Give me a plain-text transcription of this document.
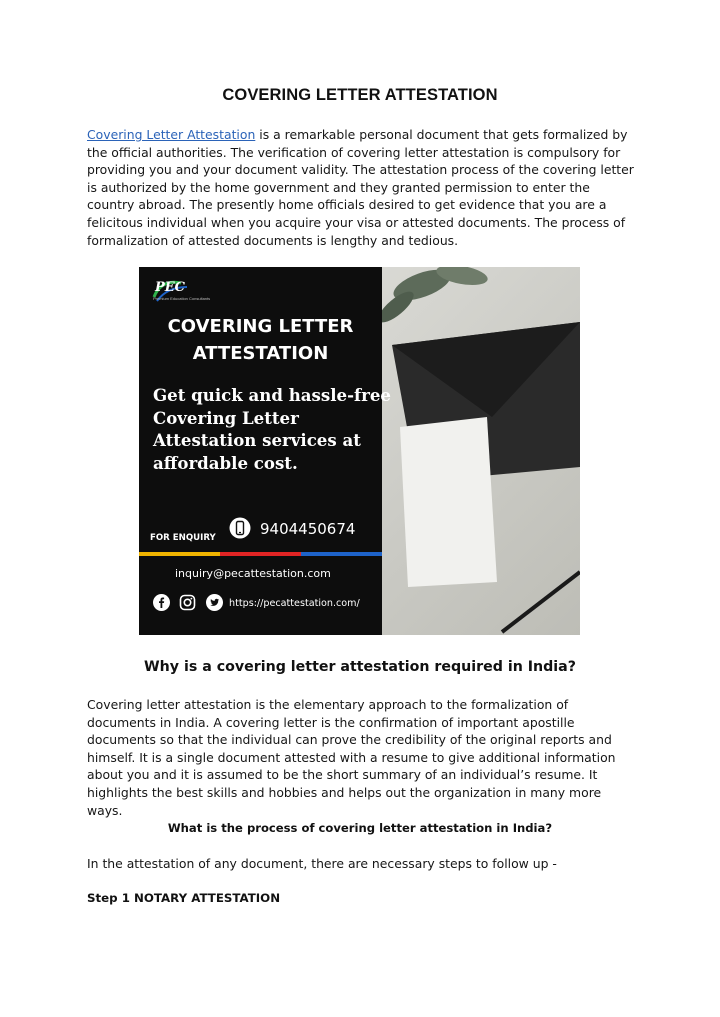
COVERING LETTER ATTESTATION
Covering Letter Attestation is a remarkable personal document that gets formalized by the official authorities. The verification of covering letter attestation is compulsory for providing you and your document validity. The attestation process of the covering letter is authorized by the home government and they granted permission to enter the country abroad. The presently home officials desired to get evidence that you are a felicitous individual when you acquire your visa or attested documents. The process of formalization of attested documents is lengthy and tedious.
PEC
Premium Education Consultants
COVERING LETTER
ATTESTATION
Get quick and hassle-free Covering Letter Attestation services at affordable cost.
FOR ENQUIRY	9404450674
inquiry@pecattestation.com

https://pecattestation.com/
Why is a covering letter attestation required in India?
Covering letter attestation is the elementary approach to the formalization of documents in India. A covering letter is the confirmation of important apostille documents so that the individual can prove the credibility of the original reports and himself. It is a single document attested with a resume to give additional information about you and it is assumed to be the short summary of an individual’s resume. It highlights the best skills and hobbies and helps out the organization in many more ways.
What is the process of covering letter attestation in India?
In the attestation of any document, there are necessary steps to follow up -
Step 1 NOTARY ATTESTATION
